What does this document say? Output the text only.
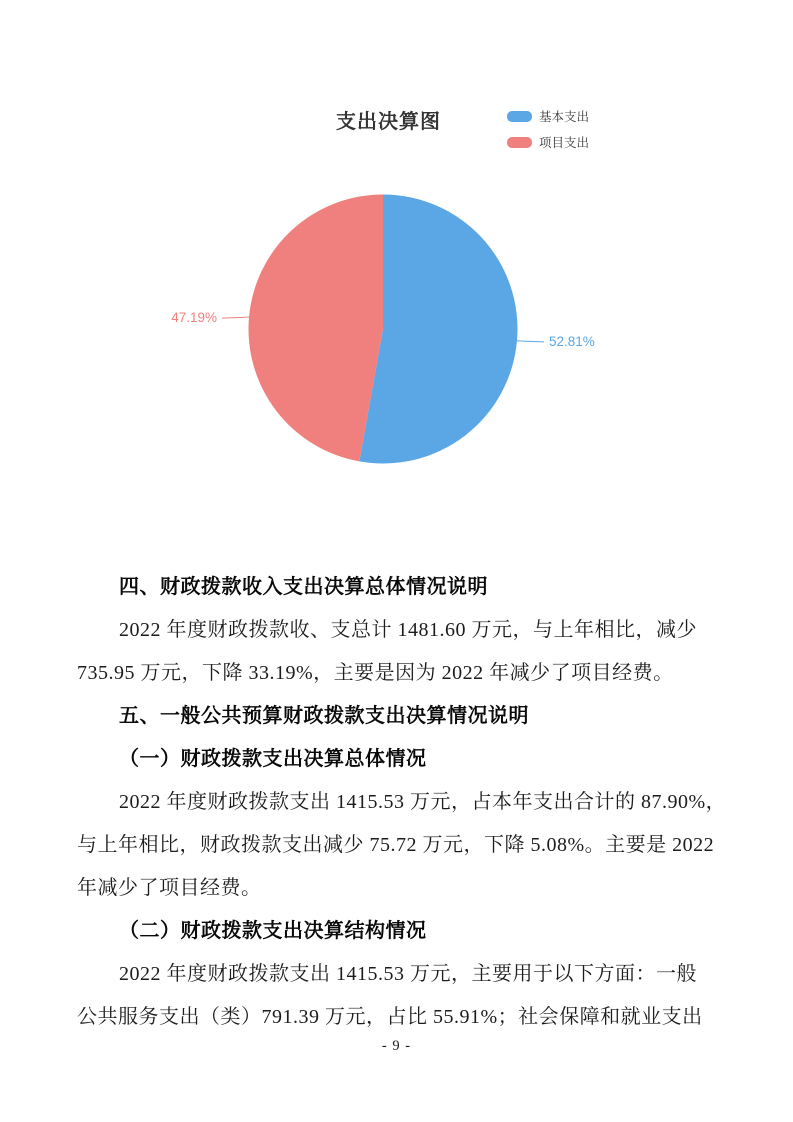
支出决算图	基本支出
项目支出
52.81%
47.19%
四、财政拨款收入支出决算总体情况说明
2022 年度财政拨款收、支总计 1481.60 万元，与上年相比，减少
735.95 万元，下降 33.19%，主要是因为 2022 年减少了项目经费。
五、一般公共预算财政拨款支出决算情况说明
（一）财政拨款支出决算总体情况
2022 年度财政拨款支出 1415.53 万元，占本年支出合计的 87.90%，
与上年相比，财政拨款支出减少 75.72 万元，下降 5.08%。主要是 2022
年减少了项目经费。
（二）财政拨款支出决算结构情况
2022 年度财政拨款支出 1415.53 万元，主要用于以下方面：一般
公共服务支出（类）791.39 万元，占比 55.91%；社会保障和就业支出
- 9 -
